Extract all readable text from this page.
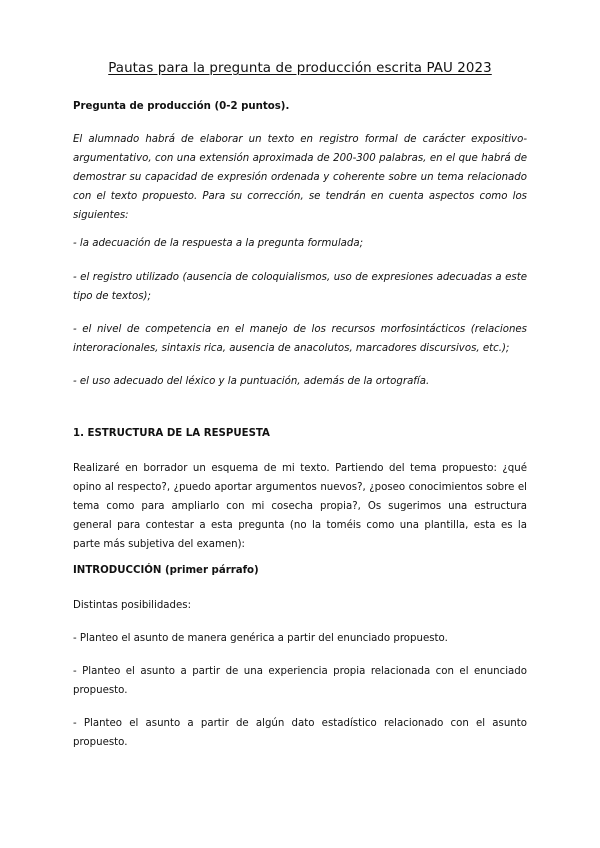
Pautas para la pregunta de producción escrita PAU 2023

Pregunta de producción (0-2 puntos).

El alumnado habrá de elaborar un texto en registro formal de carácter expositivo-argumentativo, con una extensión aproximada de 200-300 palabras, en el que habrá de demostrar su capacidad de expresión ordenada y coherente sobre un tema relacionado con el texto propuesto. Para su corrección, se tendrán en cuenta aspectos como los siguientes:

- la adecuación de la respuesta a la pregunta formulada;

- el registro utilizado (ausencia de coloquialismos, uso de expresiones adecuadas a este tipo de textos);

- el nivel de competencia en el manejo de los recursos morfosintácticos (relaciones interoracionales, sintaxis rica, ausencia de anacolutos, marcadores discursivos, etc.);

- el uso adecuado del léxico y la puntuación, además de la ortografía.

1. ESTRUCTURA DE LA RESPUESTA

Realizaré en borrador un esquema de mi texto. Partiendo del tema propuesto: ¿qué opino al respecto?, ¿puedo aportar argumentos nuevos?, ¿poseo conocimientos sobre el tema como para ampliarlo con mi cosecha propia?, Os sugerimos una estructura general para contestar a esta pregunta (no la toméis como una plantilla, esta es la parte más subjetiva del examen):

INTRODUCCIÓN (primer párrafo)

Distintas posibilidades:

- Planteo el asunto de manera genérica a partir del enunciado propuesto.

- Planteo el asunto a partir de una experiencia propia relacionada con el enunciado propuesto.

- Planteo el asunto a partir de algún dato estadístico relacionado con el asunto propuesto.
